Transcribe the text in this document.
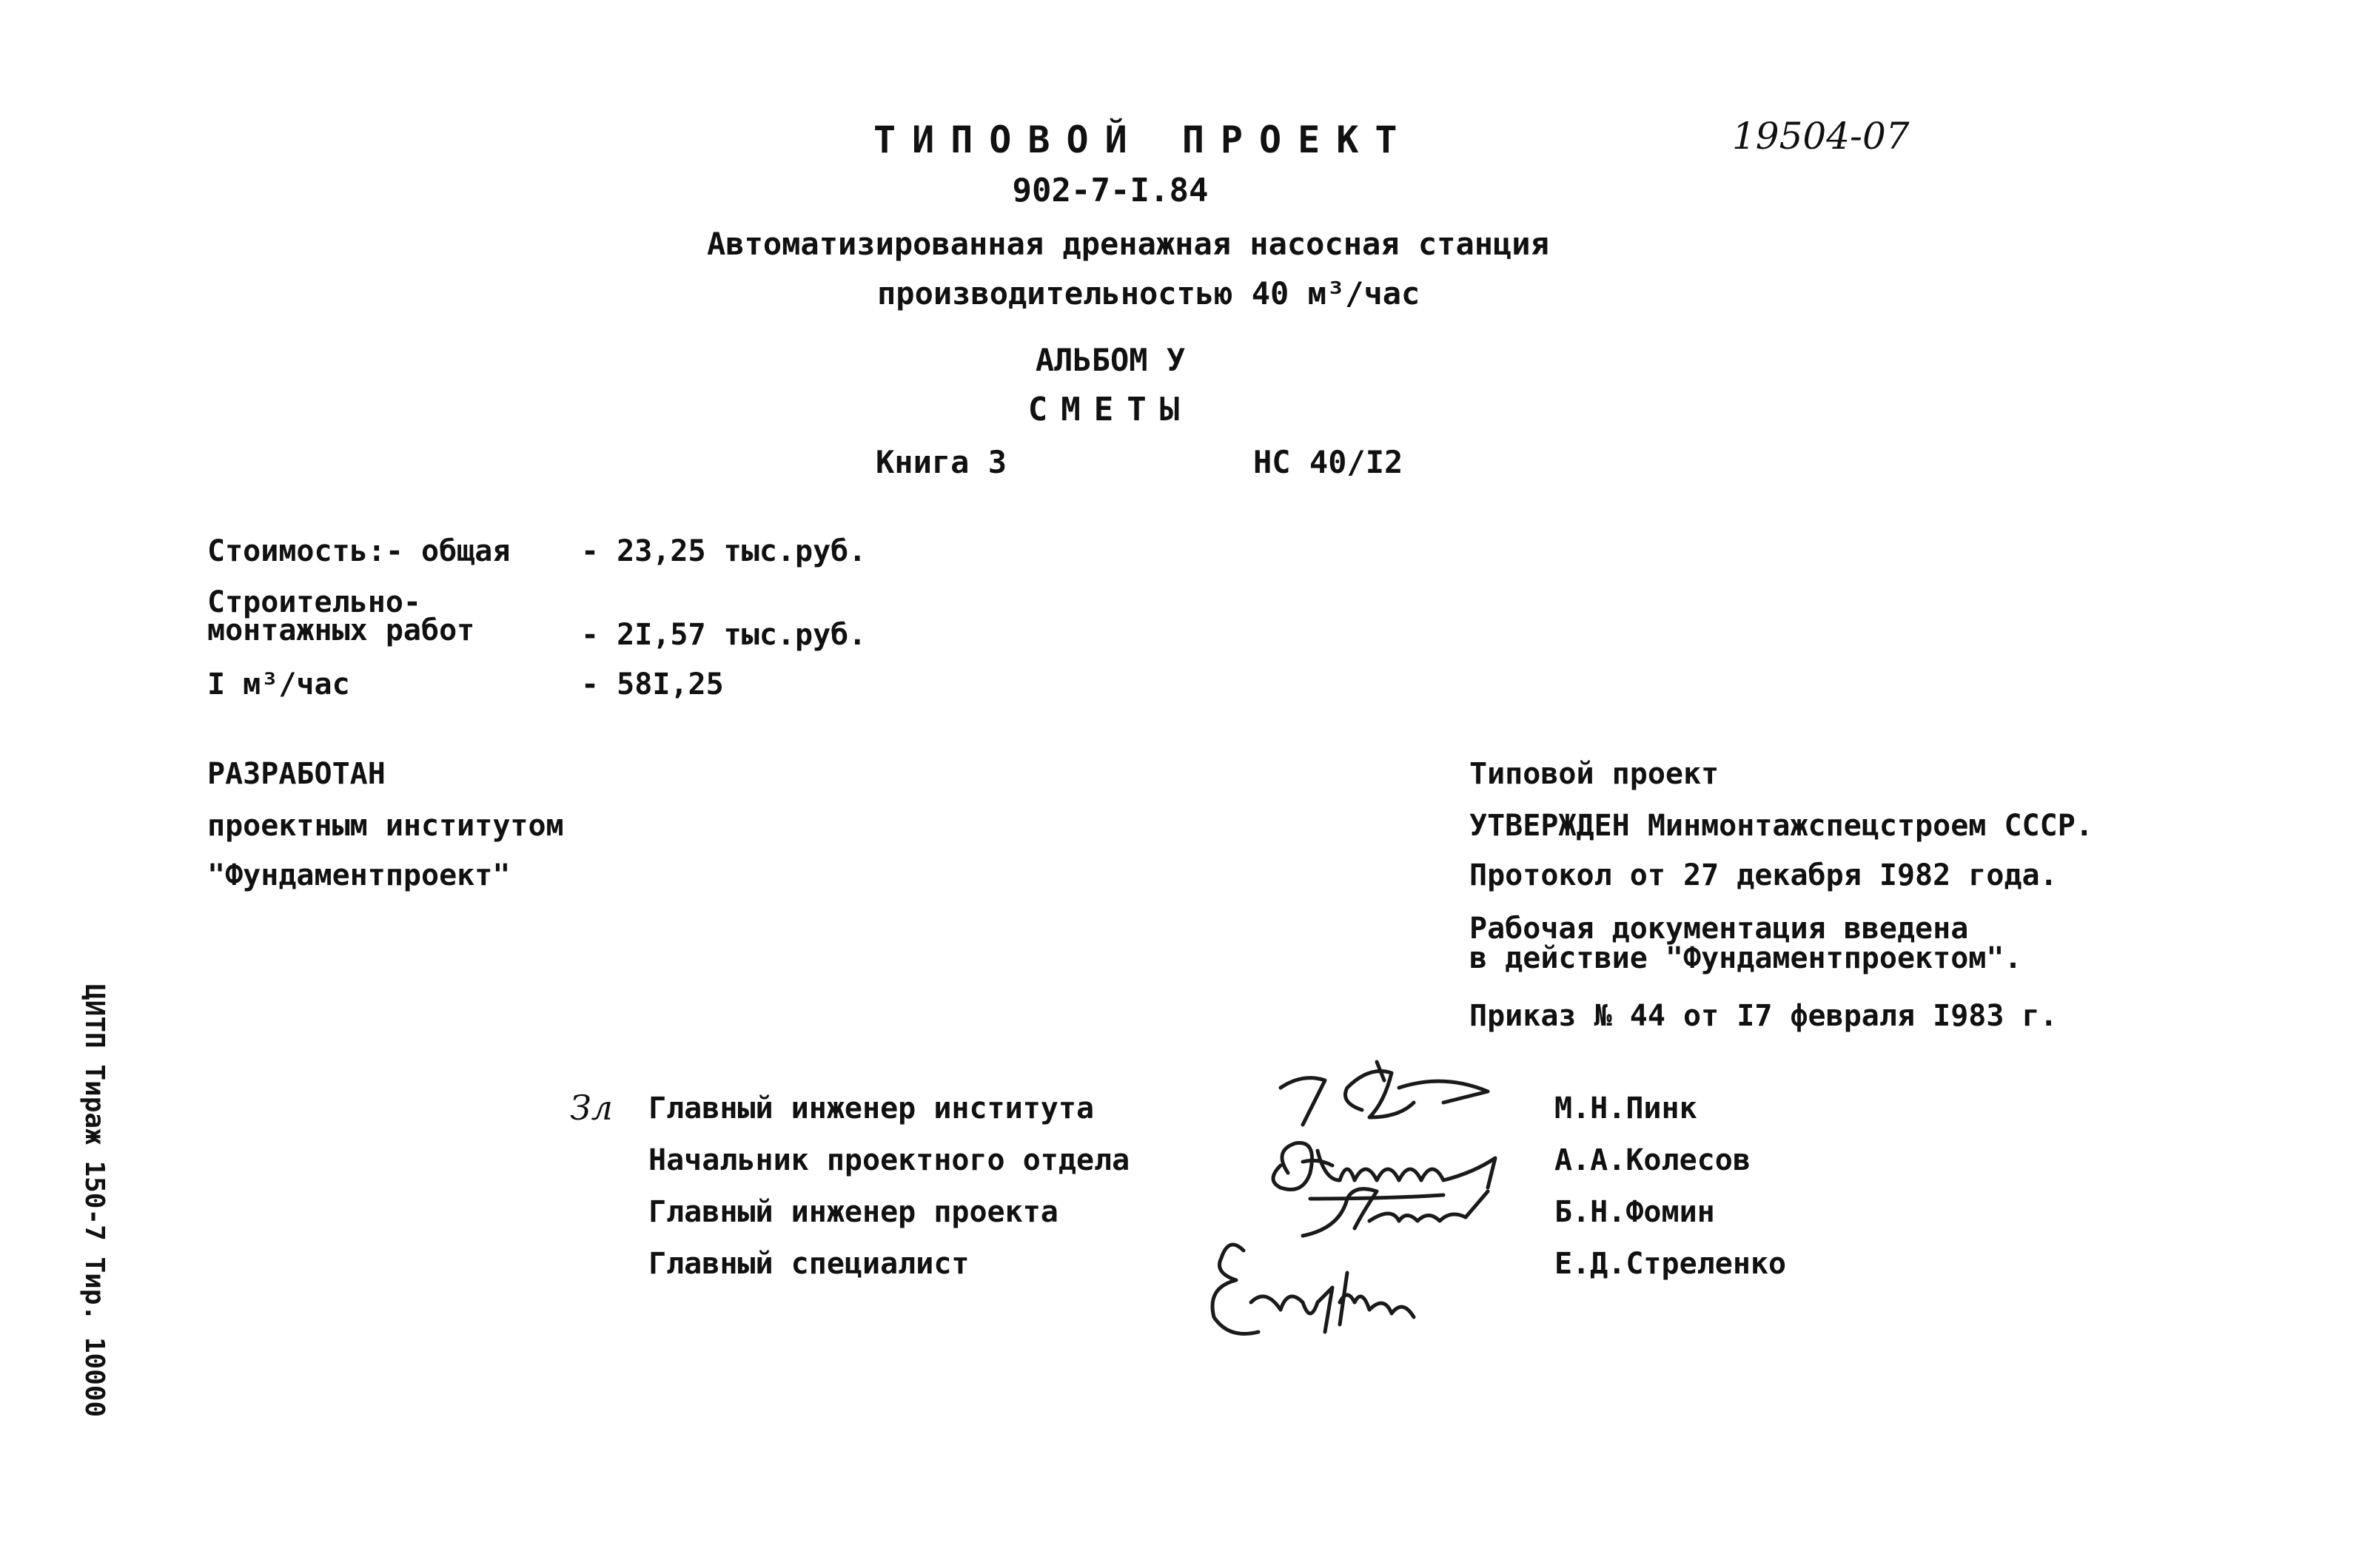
ТИПОВОЙ ПРОЕКТ	19504-07
902-7-I.84
Автоматизированная дренажная насосная станция
производительностью 40 м³/час
АЛЬБОМ У
СМЕТЫ
Книга 3	НС 40/I2
Стоимость:- общая - 23,25 тыс.руб.
Строительно-
монтажных работ	- 2I,57 тыс.руб.
I м³/час	- 58I,25
РАЗРАБОТАН
проектным институтом
"Фундаментпроект"
Типовой проект
УТВЕРЖДЕН Минмонтажспецстроем СССР.
Протокол от 27 декабря I982 года.
Рабочая документация введена
в действие "Фундаментпроектом".
Приказ № 44 от I7 февраля I983 г.
Зл Главный инженер института	М.Н.Пинк
Начальник проектного отдела	А.А.Колесов
Главный инженер проекта	Б.Н.Фомин
Главный специалист	Е.Д.Стреленко
ЦИТП Тираж 150-7 Тир. 10000
